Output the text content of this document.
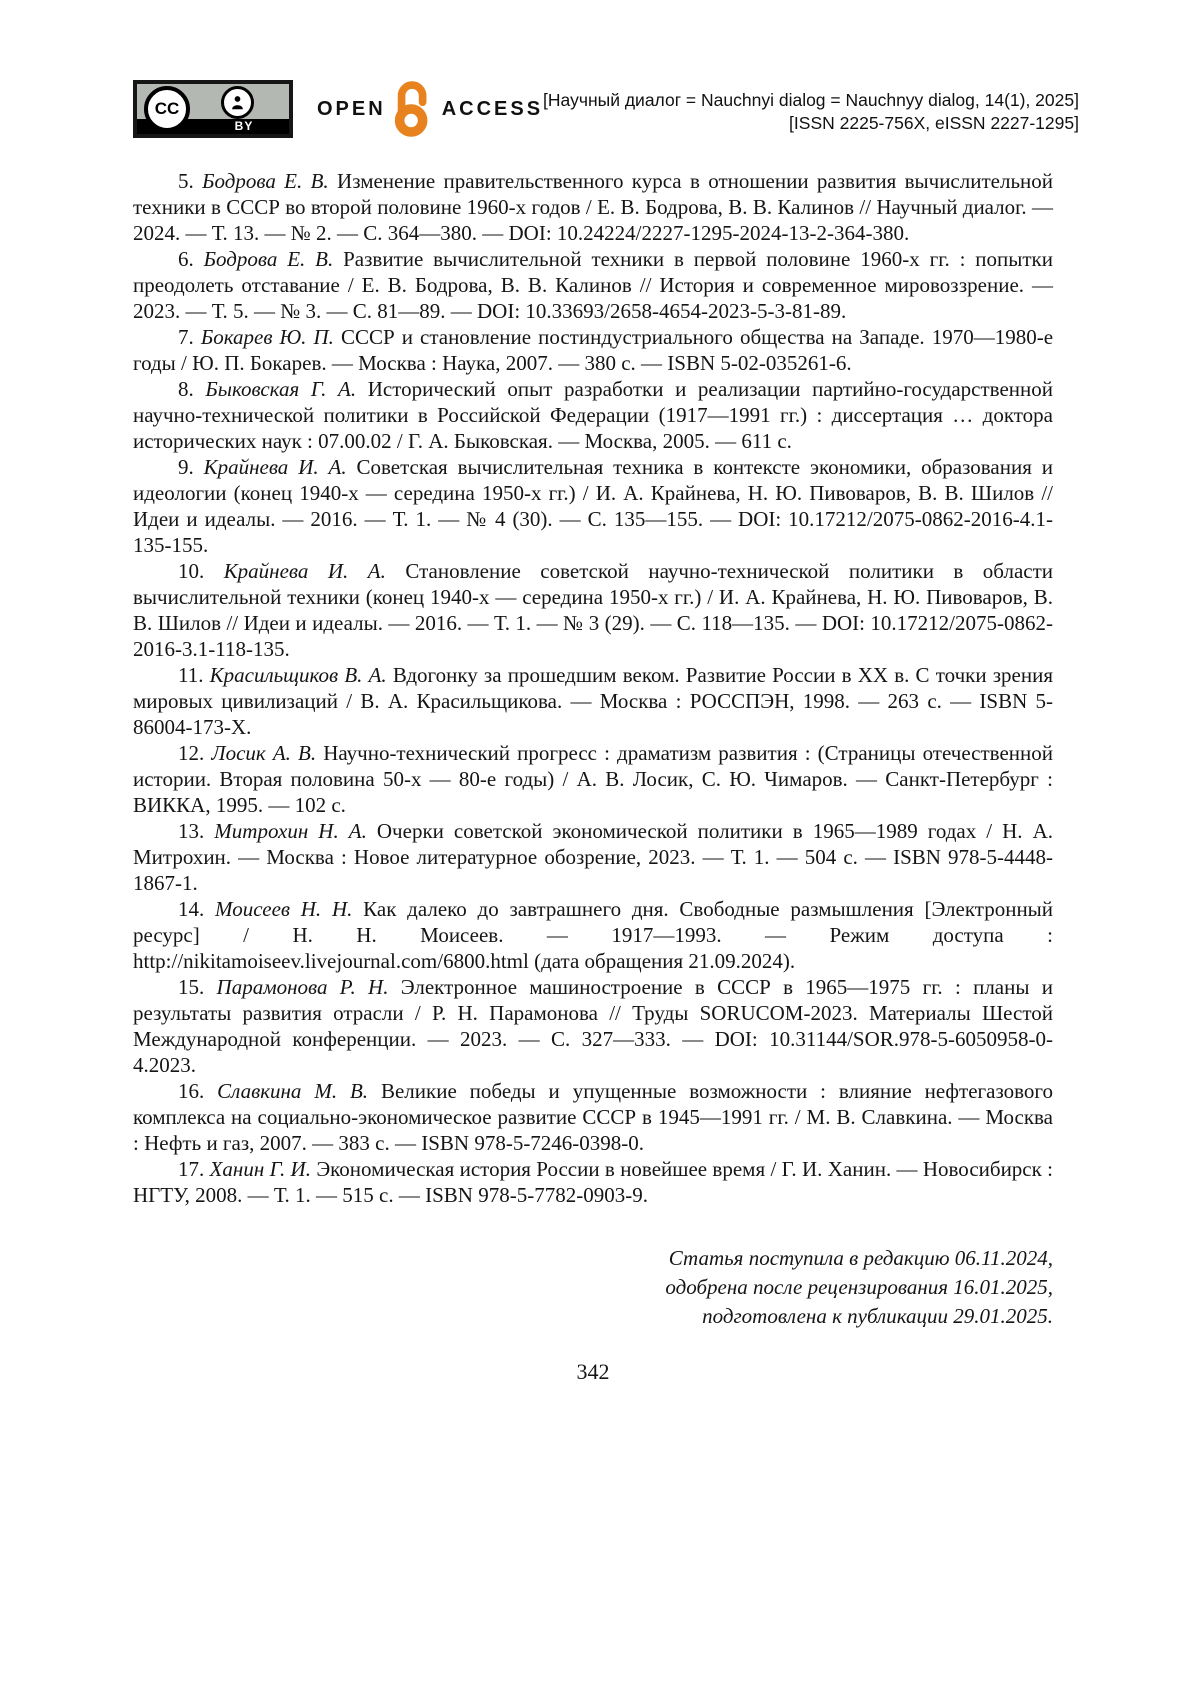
CC
BY
OPEN	ACCESS [Научный диалог = Nauchnyi dialog = Nauchnyy dialog, 14(1), 2025]
[ISSN 2225-756X, eISSN 2227-1295]

5. Бодрова Е. В. Изменение правительственного курса в отношении развития вычислительной техники в СССР во второй половине 1960-х годов / Е. В. Бодрова, В. В. Калинов // Научный диалог. — 2024. — Т. 13. — № 2. — С. 364—380. — DOI: 10.24224/2227-1295-2024-13-2-364-380.

6. Бодрова Е. В. Развитие вычислительной техники в первой половине 1960-х гг. : попытки преодолеть отставание / Е. В. Бодрова, В. В. Калинов // История и современное мировоззрение. — 2023. — Т. 5. — № 3. — С. 81—89. — DOI: 10.33693/2658-4654-2023-5-3-81-89.

7. Бокарев Ю. П. СССР и становление постиндустриального общества на Западе. 1970—1980-е годы / Ю. П. Бокарев. — Москва : Наука, 2007. — 380 с. — ISBN 5-02-035261-6.

8. Быковская Г. А. Исторический опыт разработки и реализации партийно-государственной научно-технической политики в Российской Федерации (1917—1991 гг.) : диссертация … доктора исторических наук : 07.00.02 / Г. А. Быковская. — Москва, 2005. — 611 с.

9. Крайнева И. А. Советская вычислительная техника в контексте экономики, образования и идеологии (конец 1940-х — середина 1950-х гг.) / И. А. Крайнева, Н. Ю. Пивоваров, В. В. Шилов // Идеи и идеалы. — 2016. — Т. 1. — № 4 (30). — С. 135—155. — DOI: 10.17212/2075-0862-2016-4.1-135-155.

10. Крайнева И. А. Становление советской научно-технической политики в области вычислительной техники (конец 1940-х — середина 1950-х гг.) / И. А. Крайнева, Н. Ю. Пивоваров, В. В. Шилов // Идеи и идеалы. — 2016. — Т. 1. — № 3 (29). — С. 118—135. — DOI: 10.17212/2075-0862-2016-3.1-118-135.

11. Красильщиков В. А. Вдогонку за прошедшим веком. Развитие России в XX в. С точки зрения мировых цивилизаций / В. А. Красильщикова. — Москва : РОССПЭН, 1998. — 263 с. — ISBN 5-86004-173-X.

12. Лосик А. В. Научно-технический прогресс : драматизм развития : (Страницы отечественной истории. Вторая половина 50-х — 80-е годы) / А. В. Лосик, С. Ю. Чимаров. — Санкт-Петербург : ВИККА, 1995. — 102 с.

13. Митрохин Н. А. Очерки советской экономической политики в 1965—1989 годах / Н. А. Митрохин. — Москва : Новое литературное обозрение, 2023. — Т. 1. — 504 с. — ISBN 978-5-4448-1867-1.

14. Моисеев Н. Н. Как далеко до завтрашнего дня. Свободные размышления [Электронный ресурс] / Н. Н. Моисеев. — 1917—1993. — Режим доступа : http://nikitamoiseev.livejournal.com/6800.html (дата обращения 21.09.2024).

15. Парамонова Р. Н. Электронное машиностроение в СССР в 1965—1975 гг. : планы и результаты развития отрасли / Р. Н. Парамонова // Труды SORUCOM-2023. Материалы Шестой Международной конференции. — 2023. — С. 327—333. — DOI: 10.31144/SOR.978-5-6050958-0-4.2023.

16. Славкина М. В. Великие победы и упущенные возможности : влияние нефтегазового комплекса на социально-экономическое развитие СССР в 1945—1991 гг. / М. В. Славкина. — Москва : Нефть и газ, 2007. — 383 с. — ISBN 978-5-7246-0398-0.

17. Ханин Г. И. Экономическая история России в новейшее время / Г. И. Ханин. — Новосибирск : НГТУ, 2008. — Т. 1. — 515 с. — ISBN 978-5-7782-0903-9.

Статья поступила в редакцию 06.11.2024,
одобрена после рецензирования 16.01.2025,
подготовлена к публикации 29.01.2025.
342
